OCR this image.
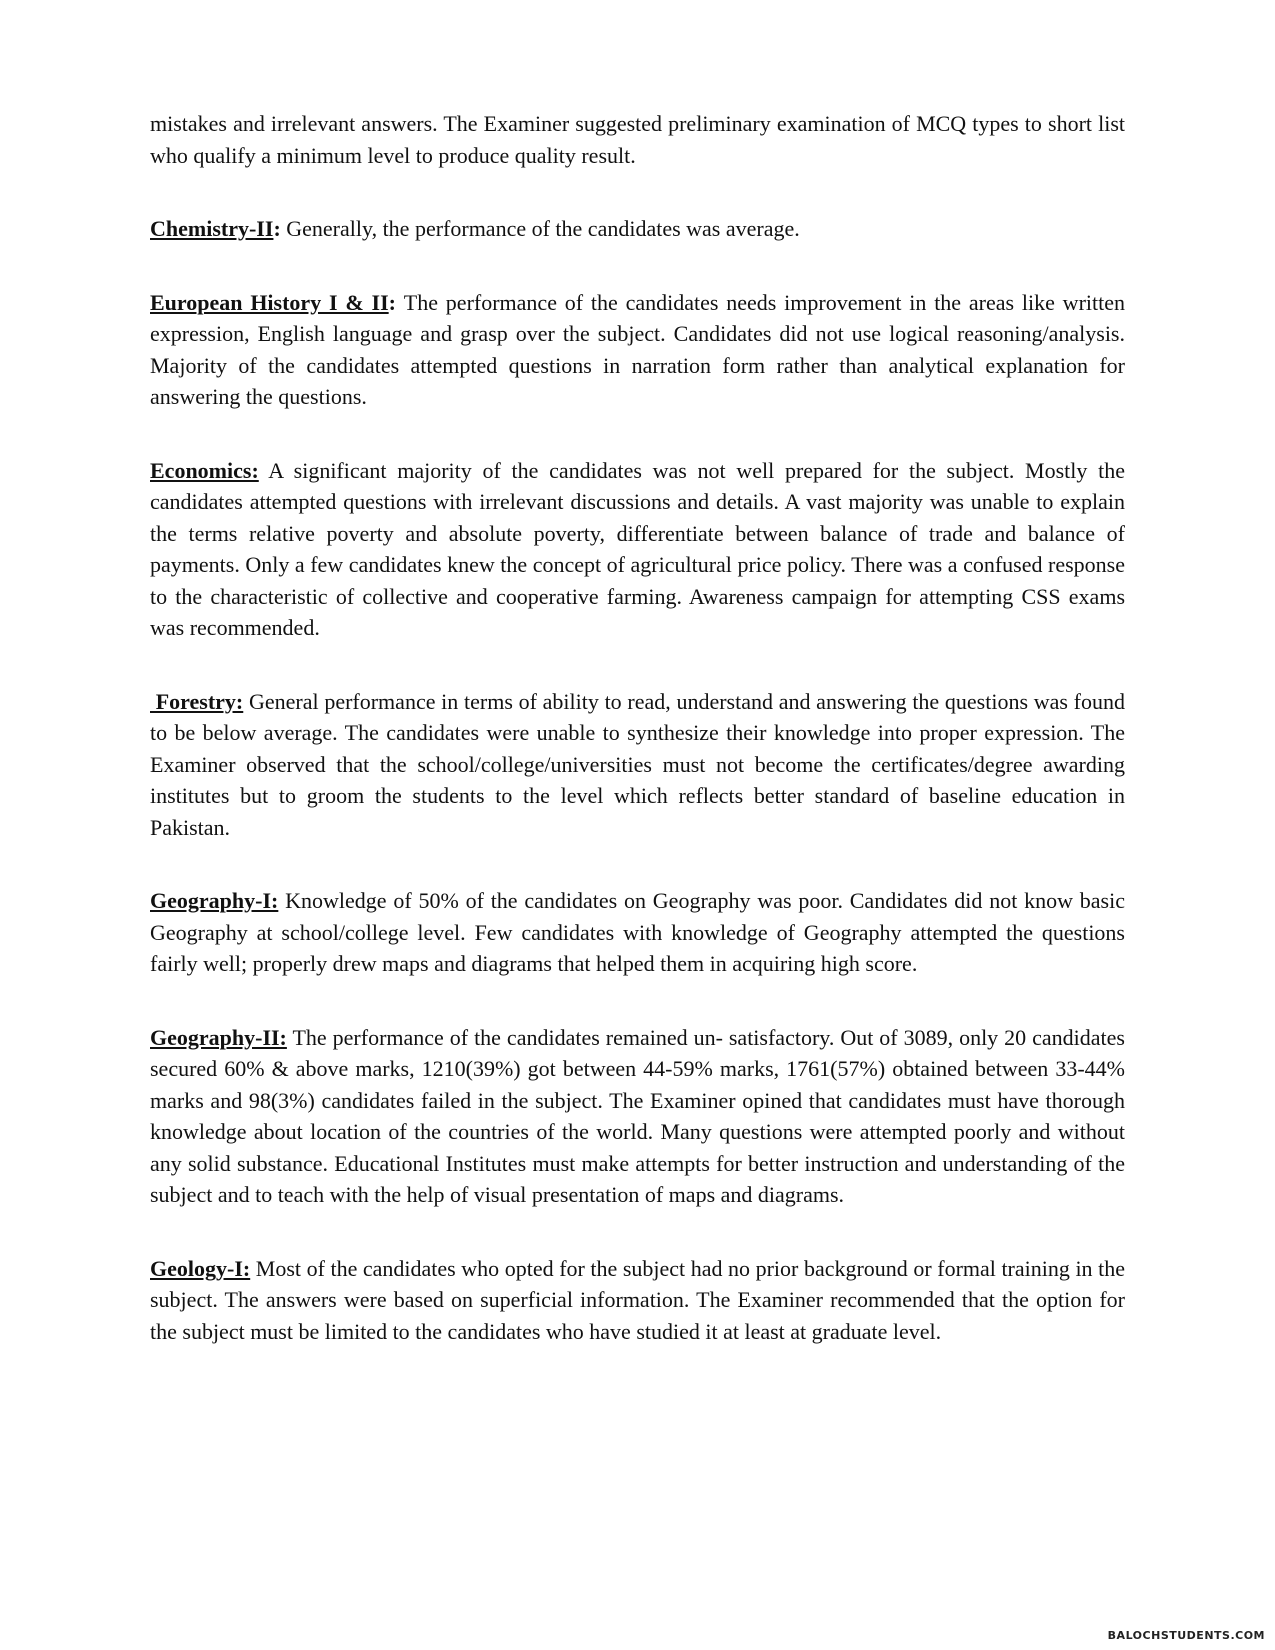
mistakes and irrelevant answers. The Examiner suggested preliminary examination of MCQ types to short list who qualify a minimum level to produce quality result.

Chemistry-II: Generally, the performance of the candidates was average.

European History I & II: The performance of the candidates needs improvement in the areas like written expression, English language and grasp over the subject. Candidates did not use logical reasoning/analysis. Majority of the candidates attempted questions in narration form rather than analytical explanation for answering the questions.

Economics: A significant majority of the candidates was not well prepared for the subject. Mostly the candidates attempted questions with irrelevant discussions and details. A vast majority was unable to explain the terms relative poverty and absolute poverty, differentiate between balance of trade and balance of payments. Only a few candidates knew the concept of agricultural price policy. There was a confused response to the characteristic of collective and cooperative farming. Awareness campaign for attempting CSS exams was recommended.

Forestry: General performance in terms of ability to read, understand and answering the questions was found to be below average. The candidates were unable to synthesize their knowledge into proper expression. The Examiner observed that the school/college/universities must not become the certificates/degree awarding institutes but to groom the students to the level which reflects better standard of baseline education in Pakistan.

Geography-I: Knowledge of 50% of the candidates on Geography was poor. Candidates did not know basic Geography at school/college level. Few candidates with knowledge of Geography attempted the questions fairly well; properly drew maps and diagrams that helped them in acquiring high score.

Geography-II: The performance of the candidates remained un- satisfactory. Out of 3089, only 20 candidates secured 60% & above marks, 1210(39%) got between 44-59% marks, 1761(57%) obtained between 33-44% marks and 98(3%) candidates failed in the subject. The Examiner opined that candidates must have thorough knowledge about location of the countries of the world. Many questions were attempted poorly and without any solid substance. Educational Institutes must make attempts for better instruction and understanding of the subject and to teach with the help of visual presentation of maps and diagrams.

Geology-I: Most of the candidates who opted for the subject had no prior background or formal training in the subject. The answers were based on superficial information. The Examiner recommended that the option for the subject must be limited to the candidates who have studied it at least at graduate level.

BALOCHSTUDENTS.COM
